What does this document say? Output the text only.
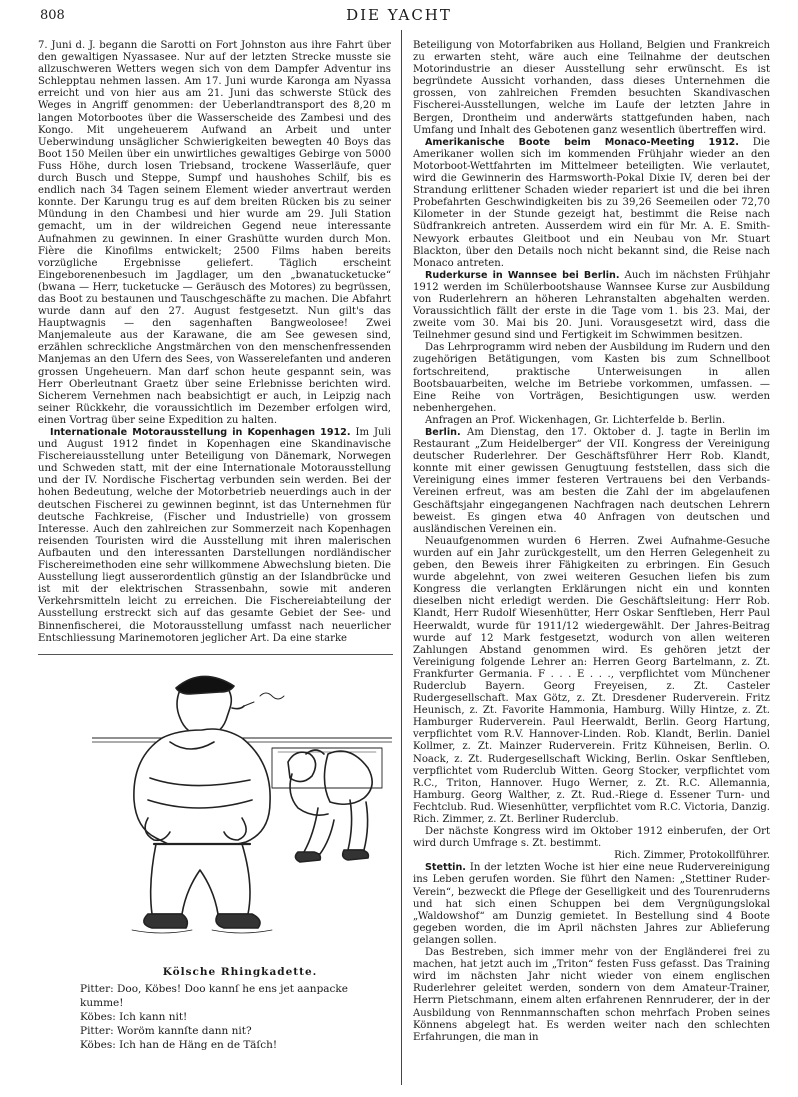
808	DIE YACHT

7. Juni d. J. begann die Sarotti on Fort Johnston aus ihre Fahrt über den gewaltigen Nyassasee. Nur auf der letzten Strecke musste sie allzuschweren Wetters wegen sich von dem Dampfer Adventur ins Schlepptau nehmen lassen. Am 17. Juni wurde Karonga am Nyassa erreicht und von hier aus am 21. Juni das schwerste Stück des Weges in Angriff genommen: der Ueberlandtransport des 8,20 m langen Motorbootes über die Wasserscheide des Zambesi und des Kongo. Mit ungeheuerem Aufwand an Arbeit und unter Ueberwindung unsäglicher Schwierigkeiten bewegten 40 Boys das Boot 150 Meilen über ein unwirtliches gewaltiges Gebirge von 5000 Fuss Höhe, durch losen Triebsand, trockene Wasserläufe, quer durch Busch und Steppe, Sumpf und haushohes Schilf, bis es endlich nach 34 Tagen seinem Element wieder anvertraut werden konnte. Der Karungu trug es auf dem breiten Rücken bis zu seiner Mündung in den Chambesi und hier wurde am 29. Juli Station gemacht, um in der wildreichen Gegend neue interessante Aufnahmen zu gewinnen. In einer Grashütte wurden durch Mon. Fière die Kinofilms entwickelt; 2500 Films haben bereits vorzügliche Ergebnisse geliefert. Täglich erscheint Eingeborenenbesuch im Jagdlager, um den „bwanatucketucke“ (bwana — Herr, tucketucke — Geräusch des Motores) zu begrüssen, das Boot zu bestaunen und Tauschgeschäfte zu machen. Die Abfahrt wurde dann auf den 27. August festgesetzt. Nun gilt's das Hauptwagnis — den sagenhaften Bangweolosee! Zwei Manjemaleute aus der Karawane, die am See gewesen sind, erzählen schreckliche Angstmärchen von den menschenfressenden Manjemas an den Ufern des Sees, von Wasserelefanten und anderen grossen Ungeheuern. Man darf schon heute gespannt sein, was Herr Oberleutnant Graetz über seine Erlebnisse berichten wird. Sicherem Vernehmen nach beabsichtigt er auch, in Leipzig nach seiner Rückkehr, die voraussichtlich im Dezember erfolgen wird, einen Vortrag über seine Expedition zu halten.

Internationale Motorausstellung in Kopenhagen 1912. Im Juli und August 1912 findet in Kopenhagen eine Skandinavische Fischereiausstellung unter Beteiligung von Dänemark, Norwegen und Schweden statt, mit der eine Internationale Motorausstellung und der IV. Nordische Fischertag verbunden sein werden. Bei der hohen Bedeutung, welche der Motorbetrieb neuerdings auch in der deutschen Fischerei zu gewinnen beginnt, ist das Unternehmen für deutsche Fachkreise, (Fischer und Industrielle) von grossem Interesse. Auch den zahlreichen zur Sommerzeit nach Kopenhagen reisenden Touristen wird die Ausstellung mit ihren malerischen Aufbauten und den interessanten Darstellungen nordländischer Fischereimethoden eine sehr willkommene Abwechslung bieten. Die Ausstellung liegt ausserordentlich günstig an der Islandbrücke und ist mit der elektrischen Strassenbahn, sowie mit anderen Verkehrsmitteln leicht zu erreichen. Die Fischereiabteilung der Ausstellung erstreckt sich auf das gesamte Gebiet der See- und Binnenfischerei, die Motorausstellung umfasst nach neuerlicher Entschliessung Marinemotoren jeglicher Art. Da eine starke

Kölsche Rhingkadette.

Pitter: Doo, Köbes! Doo kannſ he ens jet aanpacke

kumme!

Köbes: Ich kann nit!

Pitter: Woröm kannſte dann nit?

Köbes: Ich han de Häng en de Täſch!

Beteiligung von Motorfabriken aus Holland, Belgien und Frankreich zu erwarten steht, wäre auch eine Teilnahme der deutschen Motorindustrie an dieser Ausstellung sehr erwünscht. Es ist begründete Aussicht vorhanden, dass dieses Unternehmen die grossen, von zahlreichen Fremden besuchten Skandivaschen Fischerei-Ausstellungen, welche im Laufe der letzten Jahre in Bergen, Drontheim und anderwärts stattgefunden haben, nach Umfang und Inhalt des Gebotenen ganz wesentlich übertreffen wird.

Amerikanische Boote beim Monaco-Meeting 1912. Die Amerikaner wollen sich im kommenden Frühjahr wieder an den Motorboot-Wettfahrten im Mittelmeer beteiligten. Wie verlautet, wird die Gewinnerin des Harmsworth-Pokal Dixie IV, deren bei der Strandung erlittener Schaden wieder repariert ist und die bei ihren Probefahrten Geschwindigkeiten bis zu 39,26 Seemeilen oder 72,70 Kilometer in der Stunde gezeigt hat, bestimmt die Reise nach Südfrankreich antreten. Ausserdem wird ein für Mr. A. E. Smith-Newyork erbautes Gleitboot und ein Neubau von Mr. Stuart Blackton, über den Details noch nicht bekannt sind, die Reise nach Monaco antreten.

Ruderkurse in Wannsee bei Berlin. Auch im nächsten Frühjahr 1912 werden im Schülerbootshause Wannsee Kurse zur Ausbildung von Ruderlehrern an höheren Lehranstalten abgehalten werden. Voraussichtlich fällt der erste in die Tage vom 1. bis 23. Mai, der zweite vom 30. Mai bis 20. Juni. Vorausgesetzt wird, dass die Teilnehmer gesund sind und Fertigkeit im Schwimmen besitzen.

Das Lehrprogramm wird neben der Ausbildung im Rudern und den zugehörigen Betätigungen, vom Kasten bis zum Schnellboot fortschreitend, praktische Unterweisungen in allen Bootsbauarbeiten, welche im Betriebe vorkommen, umfassen. — Eine Reihe von Vorträgen, Besichtigungen usw. werden nebenhergehen.

Anfragen an Prof. Wickenhagen, Gr. Lichterfelde b. Berlin.

Berlin. Am Dienstag, den 17. Oktober d. J. tagte in Berlin im Restaurant „Zum Heidelberger“ der VII. Kongress der Vereinigung deutscher Ruderlehrer. Der Geschäftsführer Herr Rob. Klandt, konnte mit einer gewissen Genugtuung feststellen, dass sich die Vereinigung eines immer festeren Vertrauens bei den Verbands-Vereinen erfreut, was am besten die Zahl der im abgelaufenen Geschäftsjahr eingegangenen Nachfragen nach deutschen Lehrern beweist. Es gingen etwa 40 Anfragen von deutschen und ausländischen Vereinen ein.

Neuaufgenommen wurden 6 Herren. Zwei Aufnahme-Gesuche wurden auf ein Jahr zurückgestellt, um den Herren Gelegenheit zu geben, den Beweis ihrer Fähigkeiten zu erbringen. Ein Gesuch wurde abgelehnt, von zwei weiteren Gesuchen liefen bis zum Kongress die verlangten Erklärungen nicht ein und konnten dieselben nicht erledigt werden. Die Geschäftsleitung: Herr Rob. Klandt, Herr Rudolf Wiesenhütter, Herr Oskar Senftleben, Herr Paul Heerwaldt, wurde für 1911/12 wiedergewählt. Der Jahres-Beitrag wurde auf 12 Mark festgesetzt, wodurch von allen weiteren Zahlungen Abstand genommen wird. Es gehören jetzt der Vereinigung folgende Lehrer an: Herren Georg Bartelmann, z. Zt. Frankfurter Germania. F . . . E . . ., verpflichtet vom Münchener Ruderclub Bayern. Georg Freyeisen, z. Zt. Casteler Rudergesellschaft. Max Götz, z. Zt. Dresdener Ruderverein. Fritz Heunisch, z. Zt. Favorite Hammonia, Hamburg. Willy Hintze, z. Zt. Hamburger Ruderverein. Paul Heerwaldt, Berlin. Georg Hartung, verpflichtet vom R.V. Hannover-Linden. Rob. Klandt, Berlin. Daniel Kollmer, z. Zt. Mainzer Ruderverein. Fritz Kühneisen, Berlin. O. Noack, z. Zt. Rudergesellschaft Wicking, Berlin. Oskar Senftleben, verpflichtet vom Ruderclub Witten. Georg Stocker, verpflichtet vom R.C., Triton, Hannover. Hugo Werner, z. Zt. R.C. Allemannia, Hamburg. Georg Walther, z. Zt. Rud.-Riege d. Essener Turn- und Fechtclub. Rud. Wiesenhütter, verpflichtet vom R.C. Victoria, Danzig. Rich. Zimmer, z. Zt. Berliner Ruderclub.

Der nächste Kongress wird im Oktober 1912 einberufen, der Ort wird durch Umfrage s. Zt. bestimmt.

Rich. Zimmer, Protokollführer.

Stettin. In der letzten Woche ist hier eine neue Rudervereinigung ins Leben gerufen worden. Sie führt den Namen: „Stettiner Ruder-Verein“, bezweckt die Pflege der Geselligkeit und des Tourenruderns und hat sich einen Schuppen bei dem Vergnügungslokal „Waldowshof“ am Dunzig gemietet. In Bestellung sind 4 Boote gegeben worden, die im April nächsten Jahres zur Ablieferung gelangen sollen.

Das Bestreben, sich immer mehr von der Engländerei frei zu machen, hat jetzt auch im „Triton“ festen Fuss gefasst. Das Training wird im nächsten Jahr nicht wieder von einem englischen Ruderlehrer geleitet werden, sondern von dem Amateur-Trainer, Herrn Pietschmann, einem alten erfahrenen Rennruderer, der in der Ausbildung von Rennmannschaften schon mehrfach Proben seines Könnens abgelegt hat. Es werden weiter nach den schlechten Erfahrungen, die man in
